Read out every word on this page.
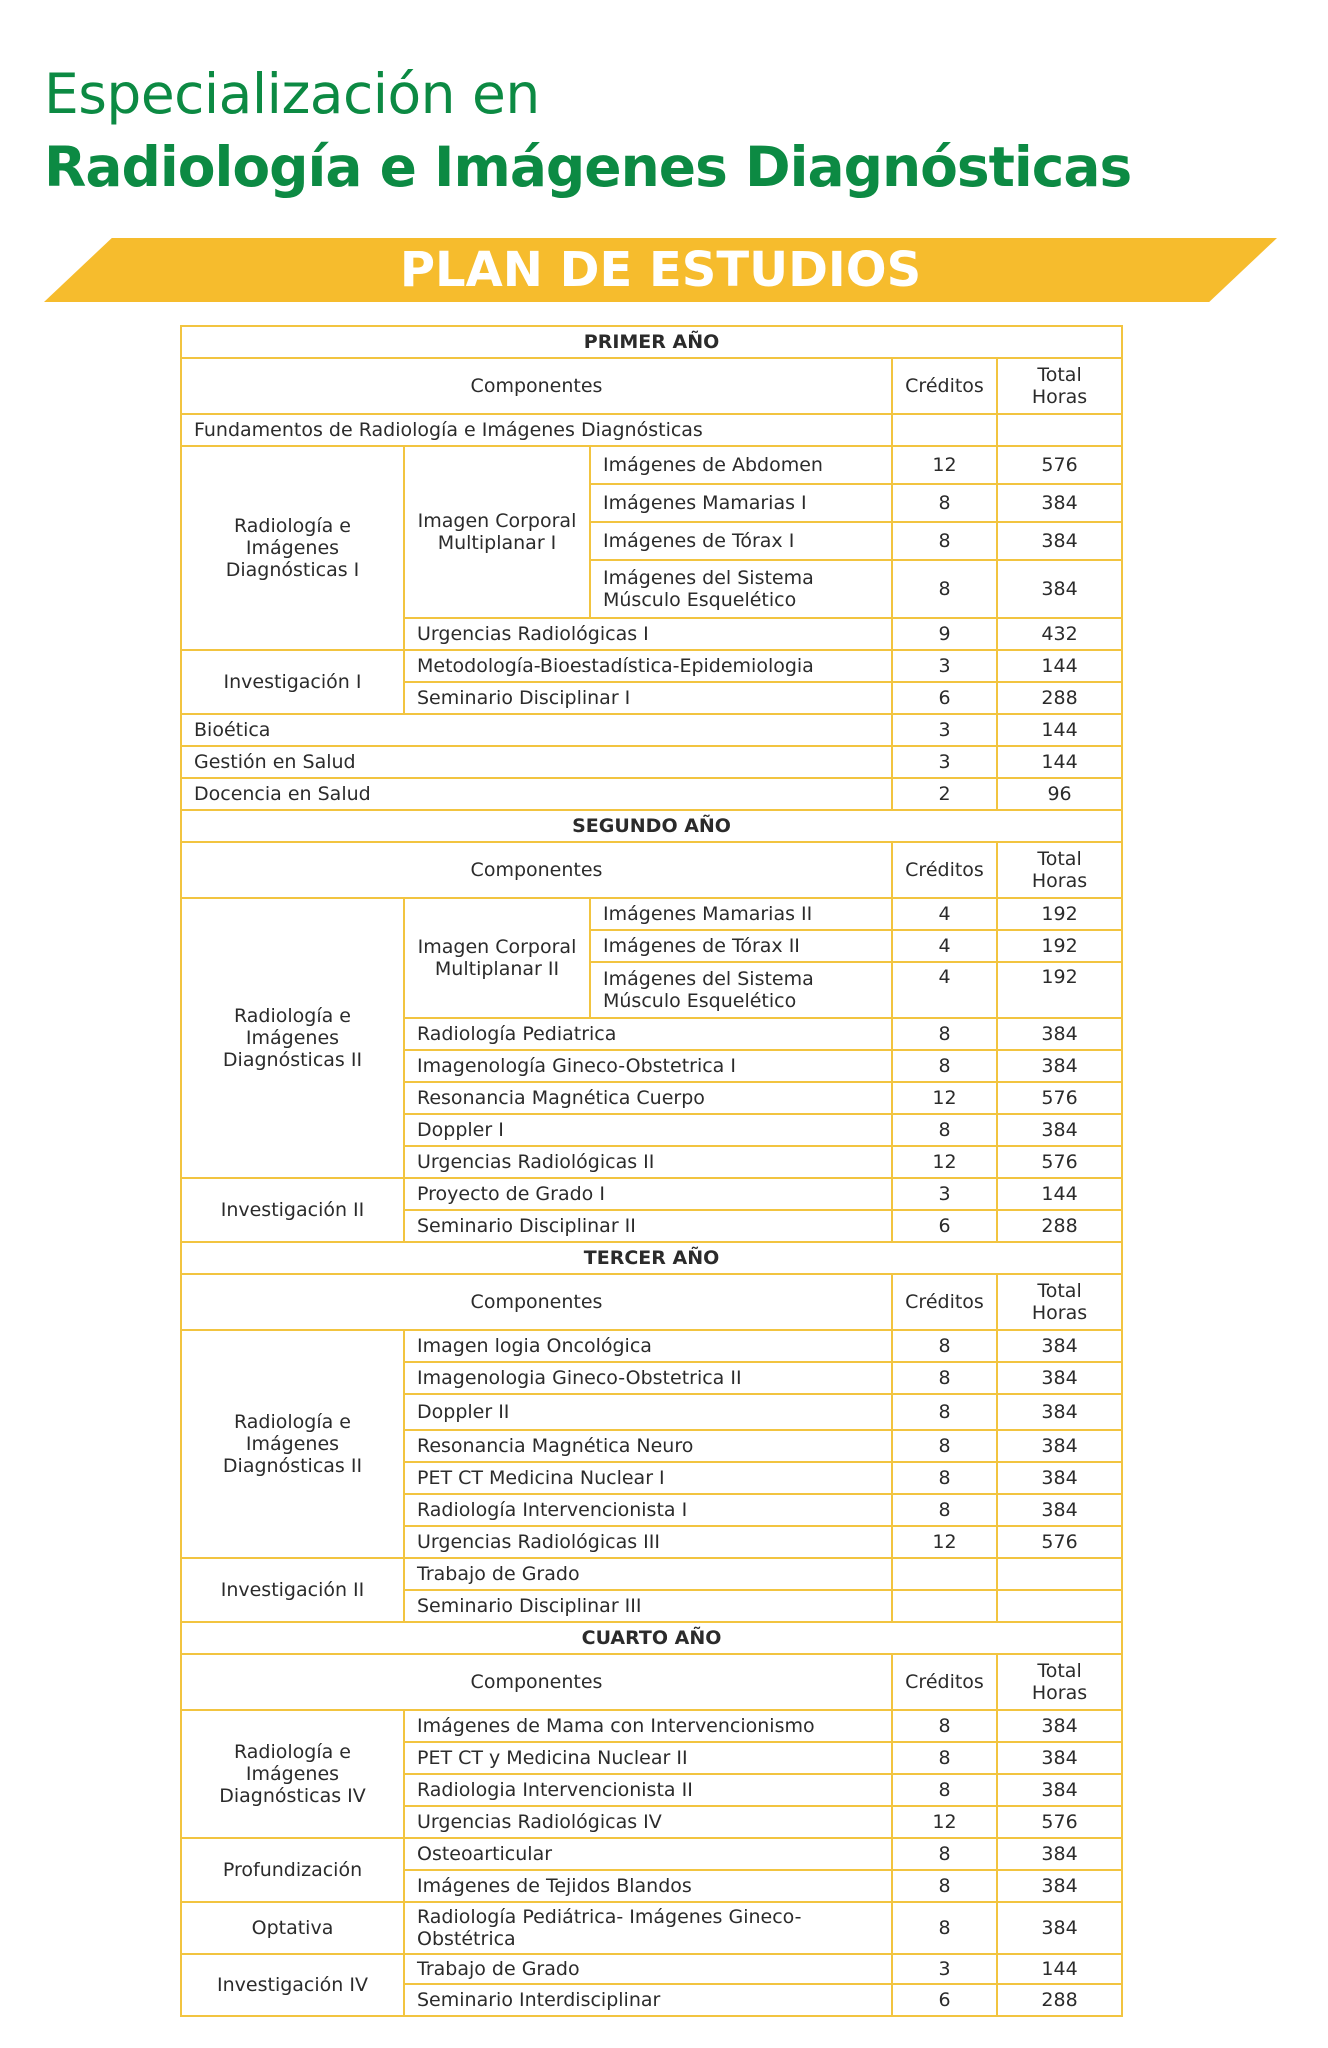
Especialización en
Radiología e Imágenes Diagnósticas
PLAN DE ESTUDIOS
PRIMER AÑO				
Componentes			Créditos	Total
Horas
Fundamentos de Radiología e Imágenes Diagnósticas				
Radiología e
Imágenes
Diagnósticas I	Imagen Corporal
Multiplanar I	Imágenes de Abdomen	12	576
		Imágenes Mamarias I	8	384
		Imágenes de Tórax I	8	384
		Imágenes del Sistema
Músculo Esquelético	8	384
	Urgencias Radiológicas I		9	432
Investigación I	Metodología-Bioestadística-Epidemiologia		3	144
	Seminario Disciplinar I		6	288
Bioética			3	144
Gestión en Salud			3	144
Docencia en Salud			2	96
SEGUNDO AÑO				
Componentes			Créditos	Total
Horas
Radiología e
Imágenes
Diagnósticas II	Imagen Corporal
Multiplanar II	Imágenes Mamarias II	4	192
		Imágenes de Tórax II	4	192
		Imágenes del Sistema
Músculo Esquelético	4	192
	Radiología Pediatrica		8	384
	Imagenología Gineco-Obstetrica I		8	384
	Resonancia Magnética Cuerpo		12	576
	Doppler I		8	384
	Urgencias Radiológicas II		12	576
Investigación II	Proyecto de Grado I		3	144
	Seminario Disciplinar II		6	288
TERCER AÑO				
Componentes			Créditos	Total
Horas
Radiología e
Imágenes
Diagnósticas II	Imagen logia Oncológica		8	384
	Imagenologia Gineco-Obstetrica II		8	384
	Doppler II		8	384
	Resonancia Magnética Neuro		8	384
	PET CT Medicina Nuclear I		8	384
	Radiología Intervencionista I		8	384
	Urgencias Radiológicas III		12	576
Investigación II	Trabajo de Grado			
	Seminario Disciplinar III			
CUARTO AÑO				
Componentes			Créditos	Total
Horas
Radiología e
Imágenes
Diagnósticas IV	Imágenes de Mama con Intervencionismo		8	384
	PET CT y Medicina Nuclear II		8	384
	Radiologia Intervencionista II		8	384
	Urgencias Radiológicas IV		12	576
Profundización	Osteoarticular		8	384
	Imágenes de Tejidos Blandos		8	384
Optativa	Radiología Pediátrica- Imágenes Gineco-Obstétrica		8	384
Investigación IV	Trabajo de Grado		3	144
	Seminario Interdisciplinar		6	288
